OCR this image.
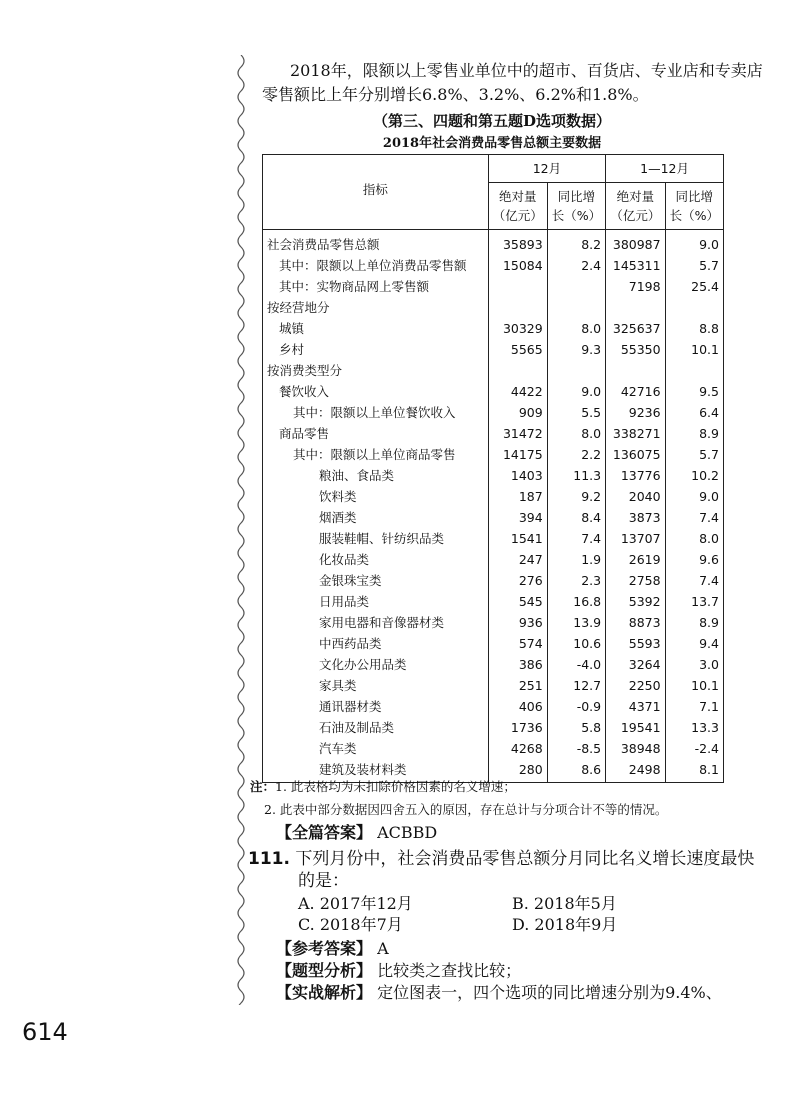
2018年，限额以上零售业单位中的超市、百货店、专业店和专卖店
零售额比上年分别增长6.8%、3.2%、6.2%和1.8%。
（第三、四题和第五题D选项数据）
2018年社会消费品零售总额主要数据
指标	12月		1—12月	
	绝对量
（亿元）	同比增
长（%）	绝对量
（亿元）	同比增
长（%）
社会消费品零售总额	35893	8.2	380987	9.0
其中：限额以上单位消费品零售额	15084	2.4	145311	5.7
其中：实物商品网上零售额			7198	25.4
按经营地分				
城镇	30329	8.0	325637	8.8
乡村	5565	9.3	55350	10.1
按消费类型分				
餐饮收入	4422	9.0	42716	9.5
其中：限额以上单位餐饮收入	909	5.5	9236	6.4
商品零售	31472	8.0	338271	8.9
其中：限额以上单位商品零售	14175	2.2	136075	5.7
粮油、食品类	1403	11.3	13776	10.2
饮料类	187	9.2	2040	9.0
烟酒类	394	8.4	3873	7.4
服装鞋帽、针纺织品类	1541	7.4	13707	8.0
化妆品类	247	1.9	2619	9.6
金银珠宝类	276	2.3	2758	7.4
日用品类	545	16.8	5392	13.7
家用电器和音像器材类	936	13.9	8873	8.9
中西药品类	574	10.6	5593	9.4
文化办公用品类	386	-4.0	3264	3.0
家具类	251	12.7	2250	10.1
通讯器材类	406	-0.9	4371	7.1
石油及制品类	1736	5.8	19541	13.3
汽车类	4268	-8.5	38948	-2.4
建筑及装材料类	280	8.6	2498	8.1
注：1. 此表格均为未扣除价格因素的名义增速；
2. 此表中部分数据因四舍五入的原因，存在总计与分项合计不等的情况。
【全篇答案】 ACBBD
111. 下列月份中，社会消费品零售总额分月同比名义增长速度最快
的是：
A. 2017年12月	B. 2018年5月
C. 2018年7月	D. 2018年9月
【参考答案】 A
【题型分析】 比较类之查找比较；
【实战解析】 定位图表一，四个选项的同比增速分别为9.4%、
614
